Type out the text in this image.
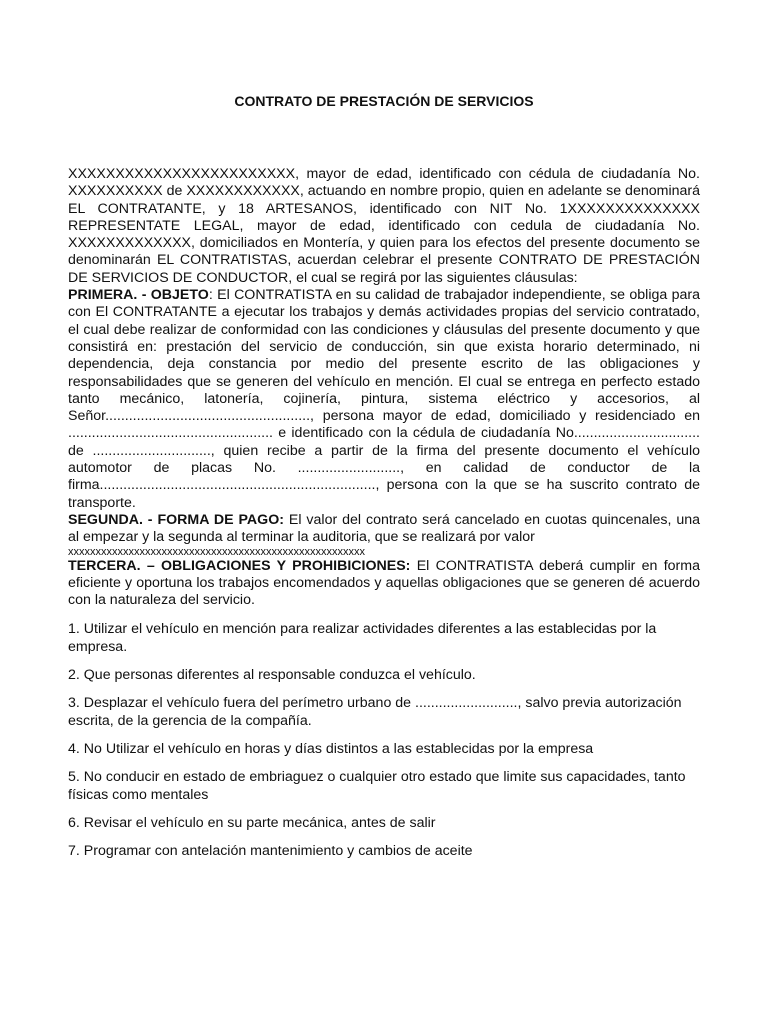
CONTRATO DE PRESTACIÓN DE SERVICIOS

XXXXXXXXXXXXXXXXXXXXXXXX, mayor de edad, identificado con cédula de ciudadanía No. XXXXXXXXXX de XXXXXXXXXXXX, actuando en nombre propio, quien en adelante se denominará EL CONTRATANTE, y 18 ARTESANOS, identificado con NIT No. 1XXXXXXXXXXXXXX REPRESENTATE LEGAL, mayor de edad, identificado con cedula de ciudadanía No. XXXXXXXXXXXXX, domiciliados en Montería, y quien para los efectos del presente documento se denominarán EL CONTRATISTAS, acuerdan celebrar el presente CONTRATO DE PRESTACIÓN DE SERVICIOS DE CONDUCTOR, el cual se regirá por las siguientes cláusulas:
PRIMERA. - OBJETO: El CONTRATISTA en su calidad de trabajador independiente, se obliga para con El CONTRATANTE a ejecutar los trabajos y demás actividades propias del servicio contratado, el cual debe realizar de conformidad con las condiciones y cláusulas del presente documento y que consistirá en: prestación del servicio de conducción, sin que exista horario determinado, ni dependencia, deja constancia por medio del presente escrito de las obligaciones y responsabilidades que se generen del vehículo en mención. El cual se entrega en perfecto estado tanto mecánico, latonería, cojinería, pintura, sistema eléctrico y accesorios, al Señor...................................................., persona mayor de edad, domiciliado y residenciado en .................................................... e identificado con la cédula de ciudadanía No................................ de .............................., quien recibe a partir de la firma del presente documento el vehículo automotor de placas No. .........................., en calidad de conductor de la firma......................................................................, persona con la que se ha suscrito contrato de transporte.
SEGUNDA. - FORMA DE PAGO: El valor del contrato será cancelado en cuotas quincenales, una al empezar y la segunda al terminar la auditoria, que se realizará por valor
xxxxxxxxxxxxxxxxxxxxxxxxxxxxxxxxxxxxxxxxxxxxxxxxxxxxxx
TERCERA. – OBLIGACIONES Y PROHIBICIONES: El CONTRATISTA deberá cumplir en forma eficiente y oportuna los trabajos encomendados y aquellas obligaciones que se generen dé acuerdo con la naturaleza del servicio.

1. Utilizar el vehículo en mención para realizar actividades diferentes a las establecidas por la empresa.
2. Que personas diferentes al responsable conduzca el vehículo.
3. Desplazar el vehículo fuera del perímetro urbano de .........................., salvo previa autorización escrita, de la gerencia de la compañía.
4. No Utilizar el vehículo en horas y días distintos a las establecidas por la empresa
5. No conducir en estado de embriaguez o cualquier otro estado que limite sus capacidades, tanto físicas como mentales
6. Revisar el vehículo en su parte mecánica, antes de salir
7. Programar con antelación mantenimiento y cambios de aceite
